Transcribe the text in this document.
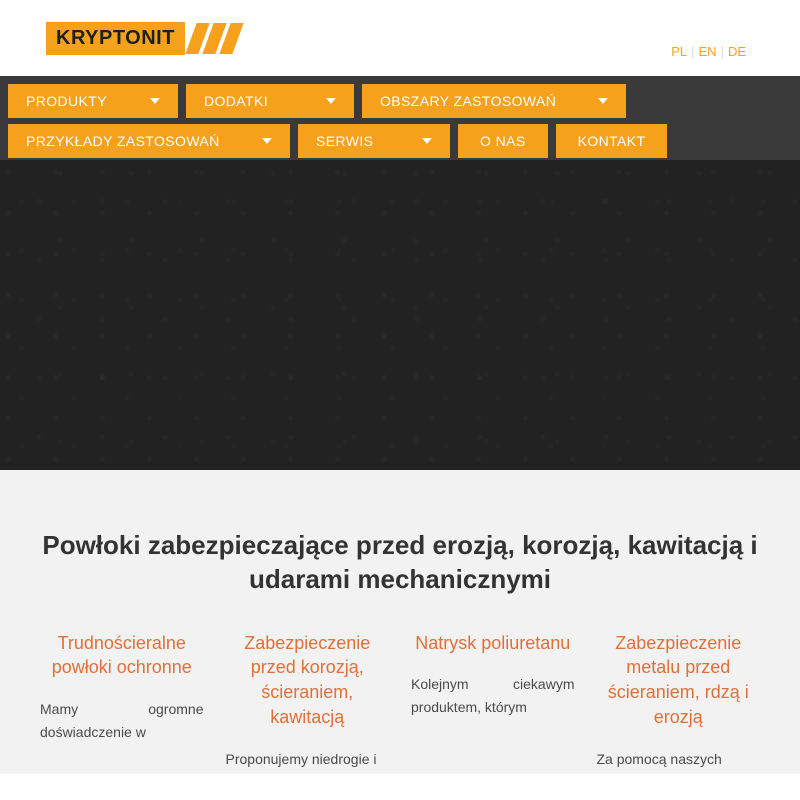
KRYPTONIT
PL | EN | DE
PRODUKTY	DODATKI	OBSZARY ZASTOSOWAŃ
PRZYKŁADY ZASTOSOWAŃ	SERWIS	O NAS	KONTAKT
Powłoki zabezpieczające przed erozją, korozją, kawitacją i udarami mechanicznymi
Trudnościeralne powłoki ochronne

Mamy ogromne doświadczenie w

Zabezpieczenie przed korozją, ścieraniem, kawitacją

Proponujemy niedrogie i

Natrysk poliuretanu

Kolejnym ciekawym produktem, którym

Zabezpieczenie metalu przed ścieraniem, rdzą i erozją

Za pomocą naszych
